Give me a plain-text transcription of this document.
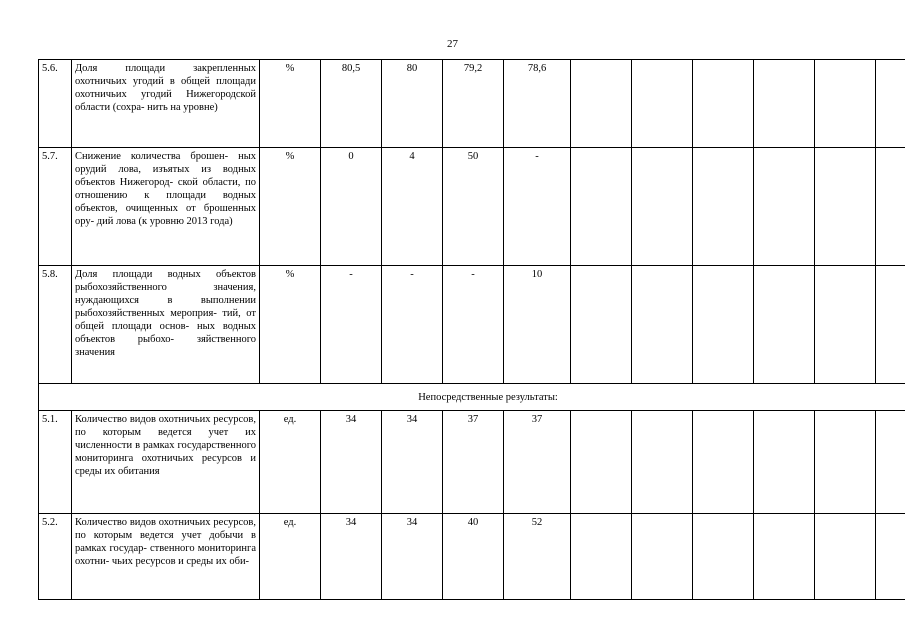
27
5.6.	Доля площади закрепленных охотничьих угодий в общей площади охотничьих угодий Нижегородской области (сохра- нить на уровне)	%	80,5	80	79,2	78,6						
5.7.	Снижение количества брошен- ных орудий лова, изъятых из водных объектов Нижегород- ской области, по отношению к площади водных объектов, очищенных от брошенных ору- дий лова (к уровню 2013 года)	%	0	4	50	-						
5.8.	Доля площади водных объектов рыбохозяйственного значения, нуждающихся в выполнении рыбохозяйственных мероприя- тий, от общей площади основ- ных водных объектов рыбохо- зяйственного значения	%	-	-	-	10						
Непосредственные результаты:												
5.1.	Количество видов охотничьих ресурсов, по которым ведется учет их численности в рамках государственного мониторинга охотничьих ресурсов и среды их обитания	ед.	34	34	37	37						
5.2.	Количество видов охотничьих ресурсов, по которым ведется учет добычи в рамках государ- ственного мониторинга охотни- чьих ресурсов и среды их оби-	ед.	34	34	40	52						
